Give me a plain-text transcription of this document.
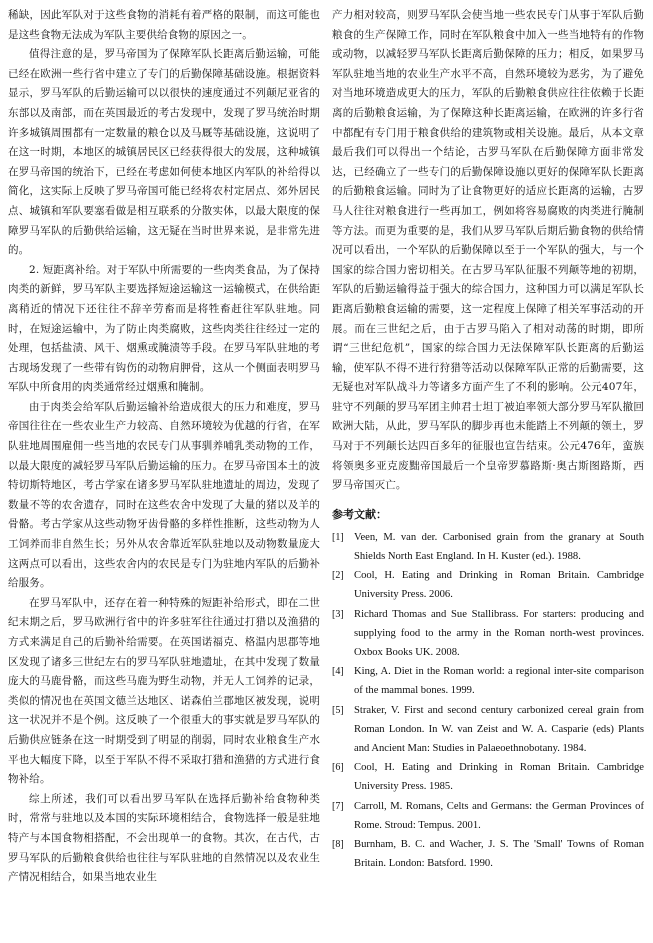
稀缺，因此军队对于这些食物的消耗有着严格的限制，而这可能也是这些食物无法成为军队主要供给食物的原因之一。

值得注意的是，罗马帝国为了保障军队长距离后勤运输，可能已经在欧洲一些行省中建立了专门的后勤保障基础设施。根据资料显示，罗马军队的后勤运输可以以很快的速度通过不列颠尼亚省的东部以及南部，而在英国最近的考古发现中，发现了罗马统治时期许多城镇周围都有一定数量的粮仓以及马厩等基础设施，这说明了在这一时期，本地区的城镇居民区已经获得很大的发展，这种城镇在罗马帝国的统治下，已经在考虑如何使本地区内军队的补给得以简化，这实际上反映了罗马帝国可能已经将农村定居点、郊外居民点、城镇和军队要塞看做是相互联系的分散实体，以最大限度的保障罗马军队的后勤供给运输，这无疑在当时世界来说，是非常先进的。

2. 短距离补给。对于军队中所需要的一些肉类食品，为了保持肉类的新鲜，罗马军队主要选择短途运输这一运输模式，在供给距离稍近的情况下还往往不辞辛劳畜而是将牲畜赶往军队驻地。同时，在短途运输中，为了防止肉类腐败，这些肉类往往经过一定的处理，包括盐渍、风干、烟熏或腌渍等手段。在罗马军队驻地的考古现场发现了一些带有钩伤的动物肩胛骨，这从一个侧面表明罗马军队中所食用的肉类通常经过烟熏和腌制。

由于肉类会给军队后勤运输补给造成很大的压力和难度，罗马帝国往往在一些农业生产力较高、自然环境较为优越的行省，在军队驻地周围雇佣一些当地的农民专门从事驯养哺乳类动物的工作，以最大限度的减轻罗马军队后勤运输的压力。在罗马帝国本土的波特切斯特地区，考古学家在诸多罗马军队驻地遗址的周边，发现了数量不等的农舍遗存，同时在这些农舍中发现了大量的猪以及羊的骨骼。考古学家从这些动物牙齿骨骼的多样性推断，这些动物为人工饲养而非自然生长；另外从农舍靠近军队驻地以及动物数量庞大这两点可以看出，这些农舍内的农民是专门为驻地内军队的后勤补给服务。

在罗马军队中，还存在着一种特殊的短距补给形式，即在二世纪末期之后，罗马欧洲行省中的许多驻军往往通过打猎以及渔猎的方式来满足自己的后勤补给需要。在英国诺福克、格温内思郡等地区发现了诸多三世纪左右的罗马军队驻地遗址，在其中发现了数量庞大的马鹿骨骼，而这些马鹿为野生动物，并无人工饲养的记录，类似的情况也在英国文德兰达地区、诺森伯兰郡地区被发现，说明这一状况并不是个例。这反映了一个很重大的事实就是罗马军队的后勤供应链条在这一时期受到了明显的削弱，同时农业粮食生产水平也大幅度下降，以至于军队不得不采取打猎和渔猎的方式进行食物补给。

综上所述，我们可以看出罗马军队在选择后勤补给食物种类时，常常与驻地以及本国的实际环境相结合，食物选择一般是驻地特产与本国食物相搭配，不会出现单一的食物。其次，在古代，古罗马军队的后勤粮食供给也往往与军队驻地的自然情况以及农业生产情况相结合，如果当地农业生

产力相对较高，则罗马军队会使当地一些农民专门从事于军队后勤粮食的生产保障工作，同时在军队粮食中加入一些当地特有的作物或动物，以减轻罗马军队长距离后勤保障的压力；相反，如果罗马军队驻地当地的农业生产水平不高，自然环境较为恶劣，为了避免对当地环境造成更大的压力，军队的后勤粮食供应往往依赖于长距离的后勤粮食运输，为了保障这种长距离运输，在欧洲的许多行省中都配有专门用于粮食供给的建筑物或相关设施。最后，从本文章最后我们可以得出一个结论，古罗马军队在后勤保障方面非常发达，已经确立了一些专门的后勤保障设施以更好的保障军队长距离的后勤粮食运输。同时为了让食物更好的适应长距离的运输，古罗马人往往对粮食进行一些再加工，例如将容易腐败的肉类进行腌制等方法。而更为重要的是，我们从罗马军队后期后勤食物的供给情况可以看出，一个军队的后勤保障以至于一个军队的强大，与一个国家的综合国力密切相关。在古罗马军队征服不列颠等地的初期，军队的后勤运输得益于强大的综合国力，这种国力可以满足军队长距离后勤粮食运输的需要，这一定程度上保障了相关军事活动的开展。而在三世纪之后，由于古罗马陷入了相对动荡的时期，即所谓“三世纪危机”，国家的综合国力无法保障军队长距离的后勤运输，使军队不得不进行狩猎等活动以保障军队正常的后勤需要，这无疑也对军队战斗力等诸多方面产生了不利的影响。公元407年，驻守不列颠的罗马军团主帅君士坦丁被迫率领大部分罗马军队撤回欧洲大陆，从此，罗马军队的脚步再也未能踏上不列颠的领土，罗马对于不列颠长达四百多年的征服也宣告结束。公元476年，蛮族将领奥多亚克废黜帝国最后一个皇帝罗慕路斯·奥古斯图路斯，西罗马帝国灭亡。

参考文献：
[1] Veen, M. van der. Carbonised grain from the granary at South Shields North East England. In H. Kuster (ed.). 1988.
[2] Cool, H. Eating and Drinking in Roman Britain. Cambridge University Press. 2006.
[3] Richard Thomas and Sue Stallibrass. For starters: producing and supplying food to the army in the Roman north-west provinces. Oxbox Books UK. 2008.
[4] King, A. Diet in the Roman world: a regional inter-site comparison of the mammal bones. 1999.
[5] Straker, V. First and second century carbonized cereal grain from Roman London. In W. van Zeist and W. A. Casparie (eds) Plants and Ancient Man: Studies in Palaeoethnobotany. 1984.
[6] Cool, H. Eating and Drinking in Roman Britain. Cambridge University Press. 1985.
[7] Carroll, M. Romans, Celts and Germans: the German Provinces of Rome. Stroud: Tempus. 2001.
[8] Burnham, B. C. and Wacher, J. S. The 'Small' Towns of Roman Britain. London: Batsford. 1990.
